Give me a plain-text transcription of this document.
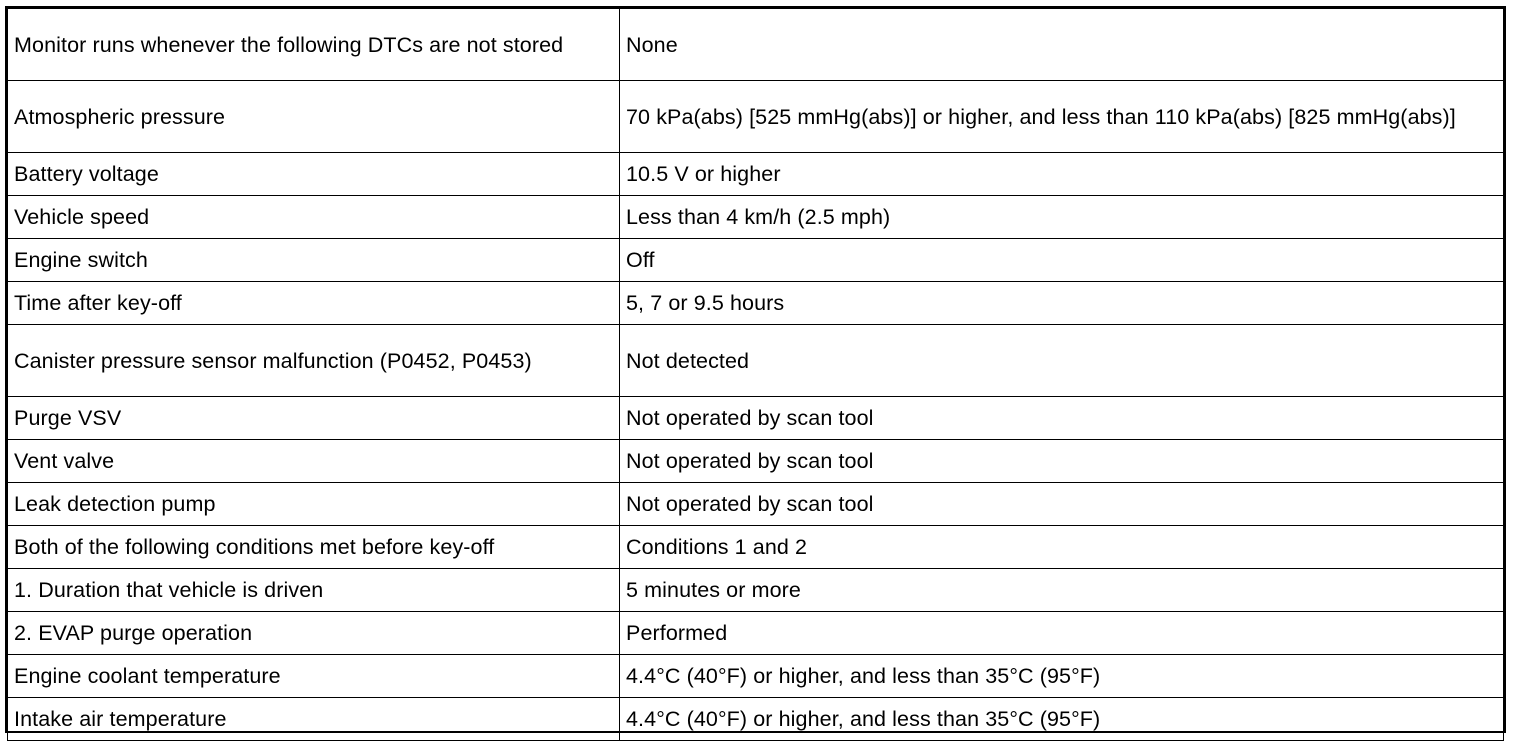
Monitor runs whenever the following DTCs are not stored	None
Atmospheric pressure	70 kPa(abs) [525 mmHg(abs)] or higher, and less than 110 kPa(abs) [825 mmHg(abs)]
Battery voltage	10.5 V or higher
Vehicle speed	Less than 4 km/h (2.5 mph)
Engine switch	Off
Time after key-off	5, 7 or 9.5 hours
Canister pressure sensor malfunction (P0452, P0453)	Not detected
Purge VSV	Not operated by scan tool
Vent valve	Not operated by scan tool
Leak detection pump	Not operated by scan tool
Both of the following conditions met before key-off	Conditions 1 and 2
1. Duration that vehicle is driven	5 minutes or more
2. EVAP purge operation	Performed
Engine coolant temperature	4.4°C (40°F) or higher, and less than 35°C (95°F)
Intake air temperature	4.4°C (40°F) or higher, and less than 35°C (95°F)
